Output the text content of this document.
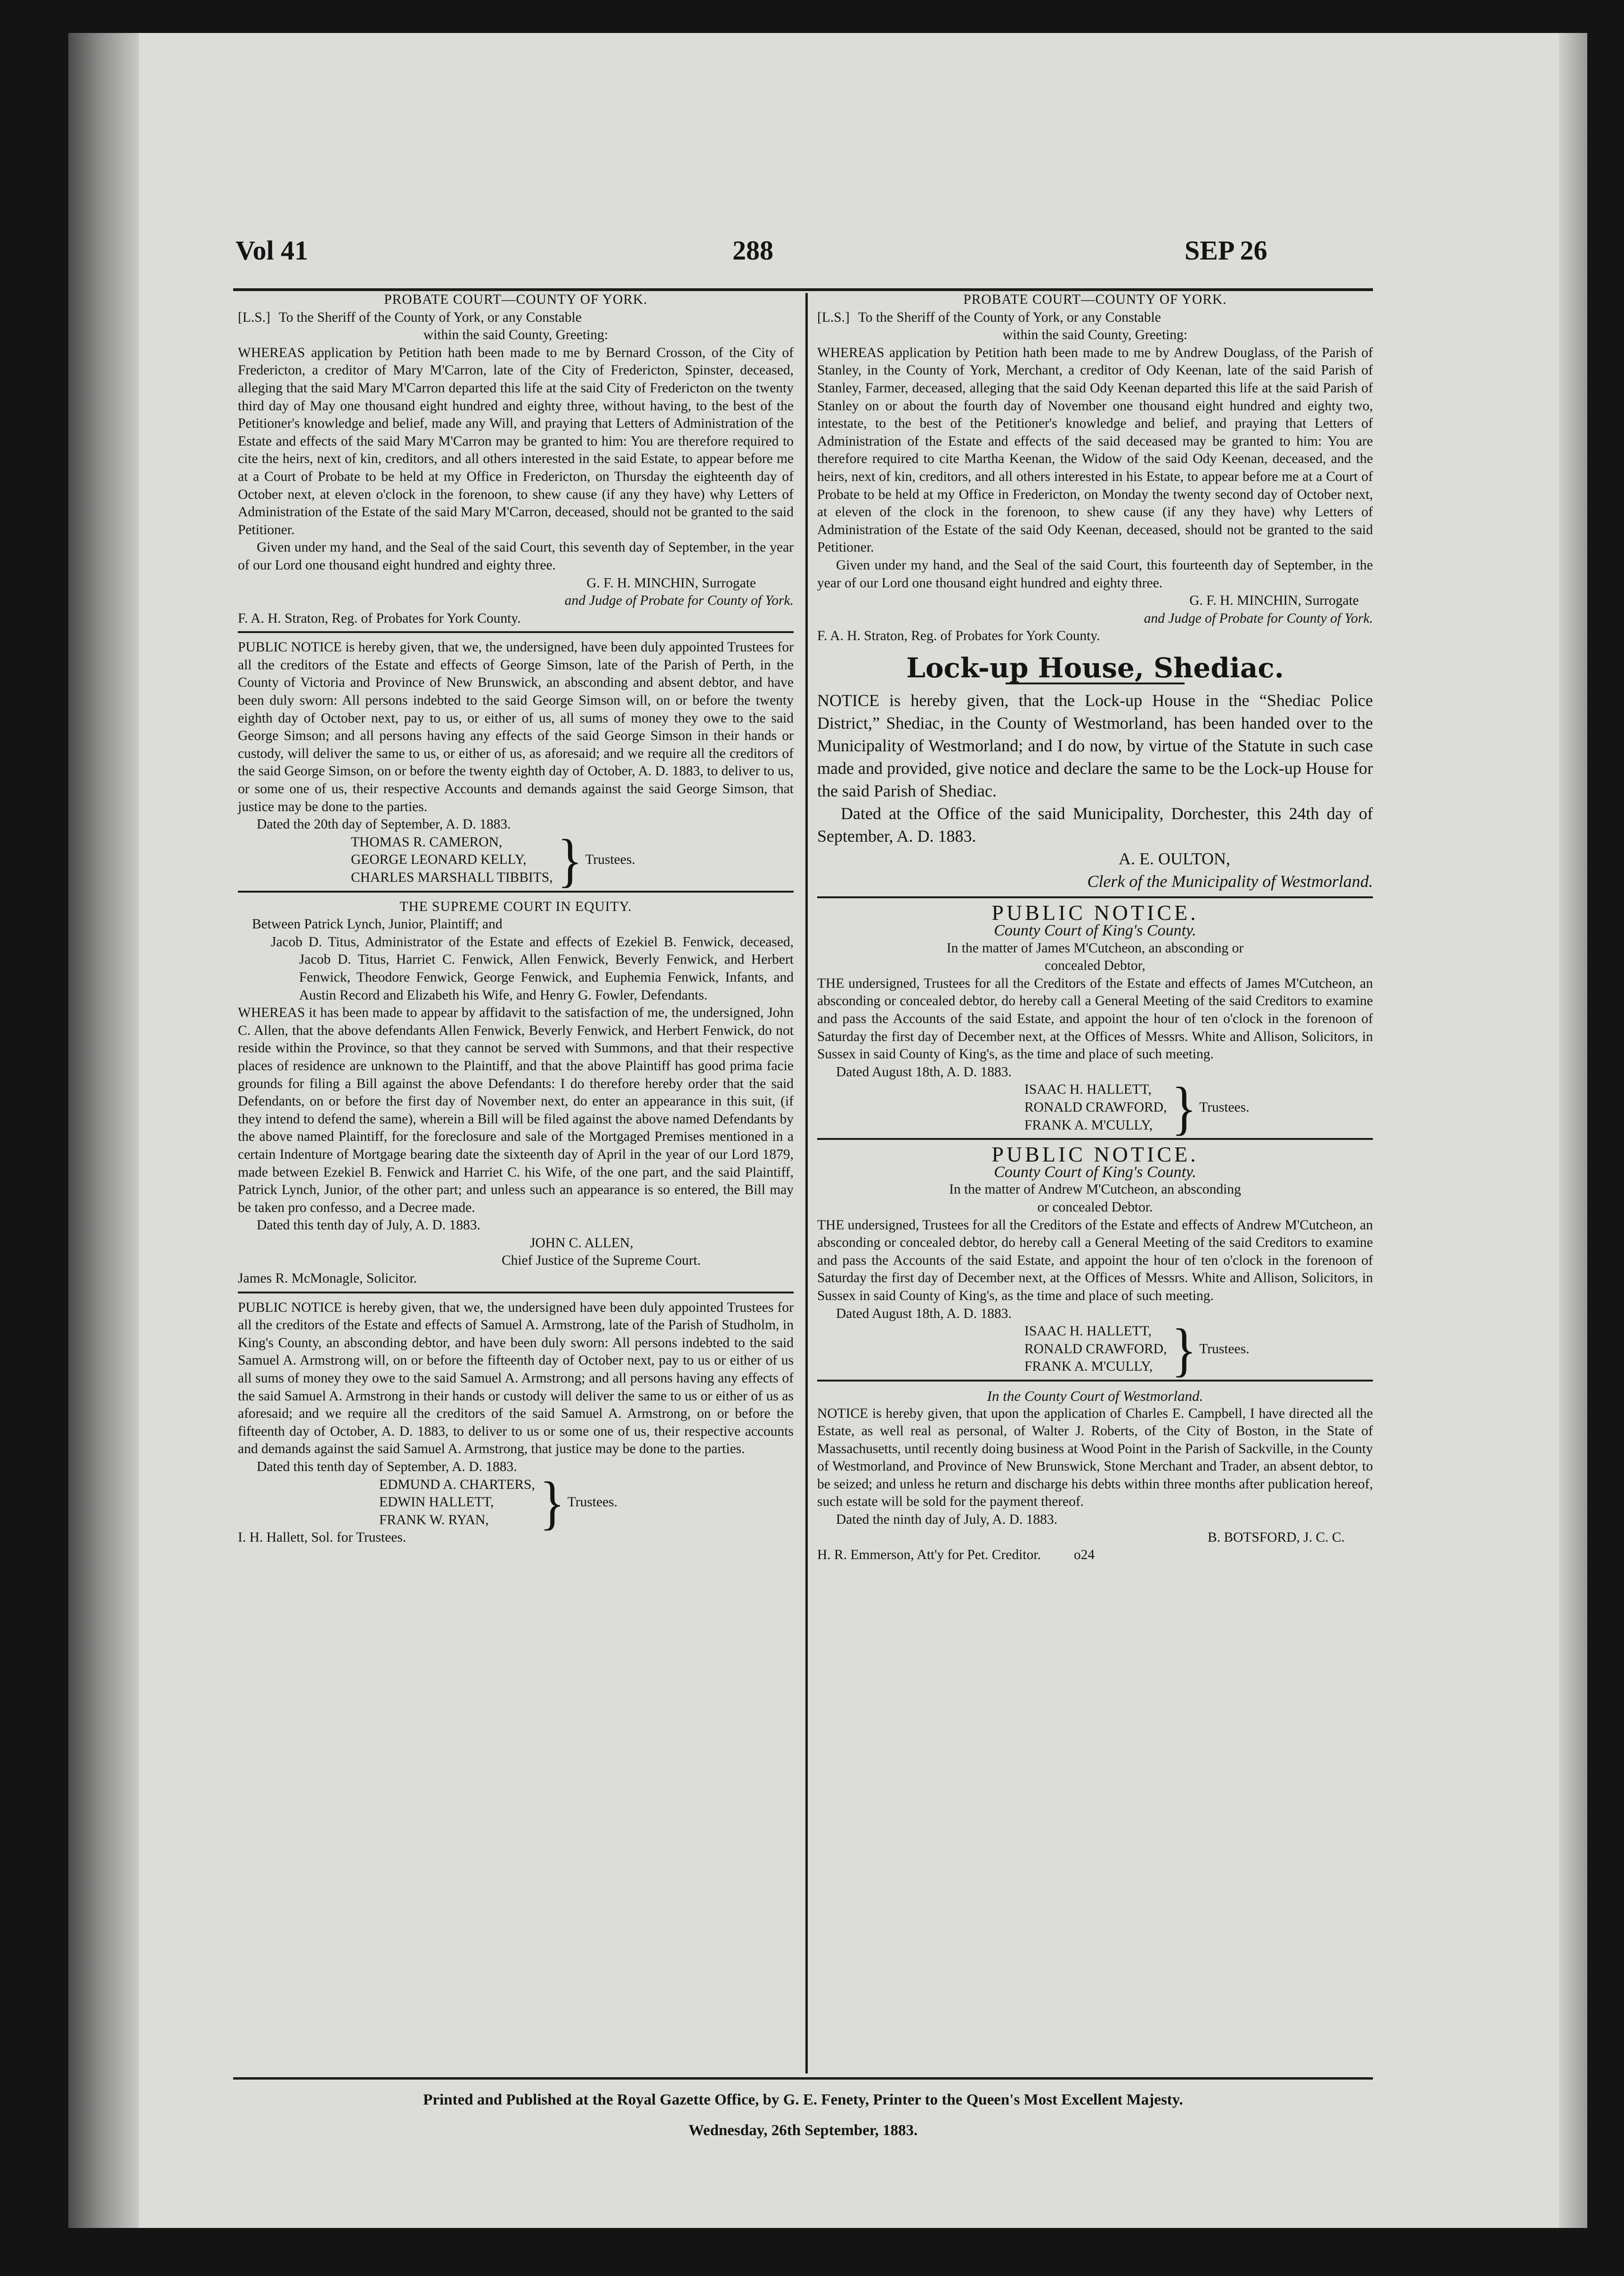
Vol 41	288	SEP 26

PROBATE COURT—COUNTY OF YORK.

[L.S.] To the Sheriff of the County of York, or any Constable

within the said County, Greeting:

WHEREAS application by Petition hath been made to me by Bernard Crosson, of the City of Fredericton, a creditor of Mary M'Carron, late of the City of Fredericton, Spinster, deceased, alleging that the said Mary M'Carron departed this life at the said City of Fredericton on the twenty third day of May one thousand eight hundred and eighty three, without having, to the best of the Petitioner's knowledge and belief, made any Will, and praying that Letters of Administration of the Estate and effects of the said Mary M'Carron may be granted to him: You are therefore required to cite the heirs, next of kin, creditors, and all others interested in the said Estate, to appear before me at a Court of Probate to be held at my Office in Fredericton, on Thursday the eighteenth day of October next, at eleven o'clock in the forenoon, to shew cause (if any they have) why Letters of Administration of the Estate of the said Mary M'Carron, deceased, should not be granted to the said Petitioner.

Given under my hand, and the Seal of the said Court, this seventh day of September, in the year of our Lord one thousand eight hundred and eighty three.

G. F. H. MINCHIN, Surrogate

and Judge of Probate for County of York.

F. A. H. Straton, Reg. of Probates for York County.

PUBLIC NOTICE is hereby given, that we, the undersigned, have been duly appointed Trustees for all the creditors of the Estate and effects of George Simson, late of the Parish of Perth, in the County of Victoria and Province of New Brunswick, an absconding and absent debtor, and have been duly sworn: All persons indebted to the said George Simson will, on or before the twenty eighth day of October next, pay to us, or either of us, all sums of money they owe to the said George Simson; and all persons having any effects of the said George Simson in their hands or custody, will deliver the same to us, or either of us, as aforesaid; and we require all the creditors of the said George Simson, on or before the twenty eighth day of October, A. D. 1883, to deliver to us, or some one of us, their respective Accounts and demands against the said George Simson, that justice may be done to the parties.

Dated the 20th day of September, A. D. 1883.

THOMAS R. CAMERON,
GEORGE LEONARD KELLY,
CHARLES MARSHALL TIBBITS, } Trustees.

THE SUPREME COURT IN EQUITY.

Between Patrick Lynch, Junior, Plaintiff; and

Jacob D. Titus, Administrator of the Estate and effects of Ezekiel B. Fenwick, deceased, Jacob D. Titus, Harriet C. Fenwick, Allen Fenwick, Beverly Fenwick, and Herbert Fenwick, Theodore Fenwick, George Fenwick, and Euphemia Fenwick, Infants, and Austin Record and Elizabeth his Wife, and Henry G. Fowler, Defendants.

WHEREAS it has been made to appear by affidavit to the satisfaction of me, the undersigned, John C. Allen, that the above defendants Allen Fenwick, Beverly Fenwick, and Herbert Fenwick, do not reside within the Province, so that they cannot be served with Summons, and that their respective places of residence are unknown to the Plaintiff, and that the above Plaintiff has good prima facie grounds for filing a Bill against the above Defendants: I do therefore hereby order that the said Defendants, on or before the first day of November next, do enter an appearance in this suit, (if they intend to defend the same), wherein a Bill will be filed against the above named Defendants by the above named Plaintiff, for the foreclosure and sale of the Mortgaged Premises mentioned in a certain Indenture of Mortgage bearing date the sixteenth day of April in the year of our Lord 1879, made between Ezekiel B. Fenwick and Harriet C. his Wife, of the one part, and the said Plaintiff, Patrick Lynch, Junior, of the other part; and unless such an appearance is so entered, the Bill may be taken pro confesso, and a Decree made.

Dated this tenth day of July, A. D. 1883.

JOHN C. ALLEN,

Chief Justice of the Supreme Court.

James R. McMonagle, Solicitor.

PUBLIC NOTICE is hereby given, that we, the undersigned have been duly appointed Trustees for all the creditors of the Estate and effects of Samuel A. Armstrong, late of the Parish of Studholm, in King's County, an absconding debtor, and have been duly sworn: All persons indebted to the said Samuel A. Armstrong will, on or before the fifteenth day of October next, pay to us or either of us all sums of money they owe to the said Samuel A. Armstrong; and all persons having any effects of the said Samuel A. Armstrong in their hands or custody will deliver the same to us or either of us as aforesaid; and we require all the creditors of the said Samuel A. Armstrong, on or before the fifteenth day of October, A. D. 1883, to deliver to us or some one of us, their respective accounts and demands against the said Samuel A. Armstrong, that justice may be done to the parties.

Dated this tenth day of September, A. D. 1883.

EDMUND A. CHARTERS,
EDWIN HALLETT,
FRANK W. RYAN, } Trustees.

I. H. Hallett, Sol. for Trustees.

PROBATE COURT—COUNTY OF YORK.

[L.S.] To the Sheriff of the County of York, or any Constable

within the said County, Greeting:

WHEREAS application by Petition hath been made to me by Andrew Douglass, of the Parish of Stanley, in the County of York, Merchant, a creditor of Ody Keenan, late of the said Parish of Stanley, Farmer, deceased, alleging that the said Ody Keenan departed this life at the said Parish of Stanley on or about the fourth day of November one thousand eight hundred and eighty two, intestate, to the best of the Petitioner's knowledge and belief, and praying that Letters of Administration of the Estate and effects of the said deceased may be granted to him: You are therefore required to cite Martha Keenan, the Widow of the said Ody Keenan, deceased, and the heirs, next of kin, creditors, and all others interested in his Estate, to appear before me at a Court of Probate to be held at my Office in Fredericton, on Monday the twenty second day of October next, at eleven of the clock in the forenoon, to shew cause (if any they have) why Letters of Administration of the Estate of the said Ody Keenan, deceased, should not be granted to the said Petitioner.

Given under my hand, and the Seal of the said Court, this fourteenth day of September, in the year of our Lord one thousand eight hundred and eighty three.

G. F. H. MINCHIN, Surrogate

and Judge of Probate for County of York.

F. A. H. Straton, Reg. of Probates for York County.

Lock-up House, Shediac.

NOTICE is hereby given, that the Lock-up House in the “Shediac Police District,” Shediac, in the County of Westmorland, has been handed over to the Municipality of Westmorland; and I do now, by virtue of the Statute in such case made and provided, give notice and declare the same to be the Lock-up House for the said Parish of Shediac.

Dated at the Office of the said Municipality, Dorchester, this 24th day of September, A. D. 1883.

A. E. OULTON,

Clerk of the Municipality of Westmorland.

PUBLIC NOTICE.

County Court of King's County.

In the matter of James M'Cutcheon, an absconding or

concealed Debtor,

THE undersigned, Trustees for all the Creditors of the Estate and effects of James M'Cutcheon, an absconding or concealed debtor, do hereby call a General Meeting of the said Creditors to examine and pass the Accounts of the said Estate, and appoint the hour of ten o'clock in the forenoon of Saturday the first day of December next, at the Offices of Messrs. White and Allison, Solicitors, in Sussex in said County of King's, as the time and place of such meeting.

Dated August 18th, A. D. 1883.

ISAAC H. HALLETT,
RONALD CRAWFORD,
FRANK A. M'CULLY, } Trustees.

PUBLIC NOTICE.

County Court of King's County.

In the matter of Andrew M'Cutcheon, an absconding

or concealed Debtor.

THE undersigned, Trustees for all the Creditors of the Estate and effects of Andrew M'Cutcheon, an absconding or concealed debtor, do hereby call a General Meeting of the said Creditors to examine and pass the Accounts of the said Estate, and appoint the hour of ten o'clock in the forenoon of Saturday the first day of December next, at the Offices of Messrs. White and Allison, Solicitors, in Sussex in said County of King's, as the time and place of such meeting.

Dated August 18th, A. D. 1883.

ISAAC H. HALLETT,
RONALD CRAWFORD,
FRANK A. M'CULLY, } Trustees.

In the County Court of Westmorland.

NOTICE is hereby given, that upon the application of Charles E. Campbell, I have directed all the Estate, as well real as personal, of Walter J. Roberts, of the City of Boston, in the State of Massachusetts, until recently doing business at Wood Point in the Parish of Sackville, in the County of Westmorland, and Province of New Brunswick, Stone Merchant and Trader, an absent debtor, to be seized; and unless he return and discharge his debts within three months after publication hereof, such estate will be sold for the payment thereof.

Dated the ninth day of July, A. D. 1883.

B. BOTSFORD, J. C. C.

H. R. Emmerson, Att'y for Pet. Creditor. o24
Printed and Published at the Royal Gazette Office, by G. E. Fenety, Printer to the Queen's Most Excellent Majesty.
Wednesday, 26th September, 1883.
